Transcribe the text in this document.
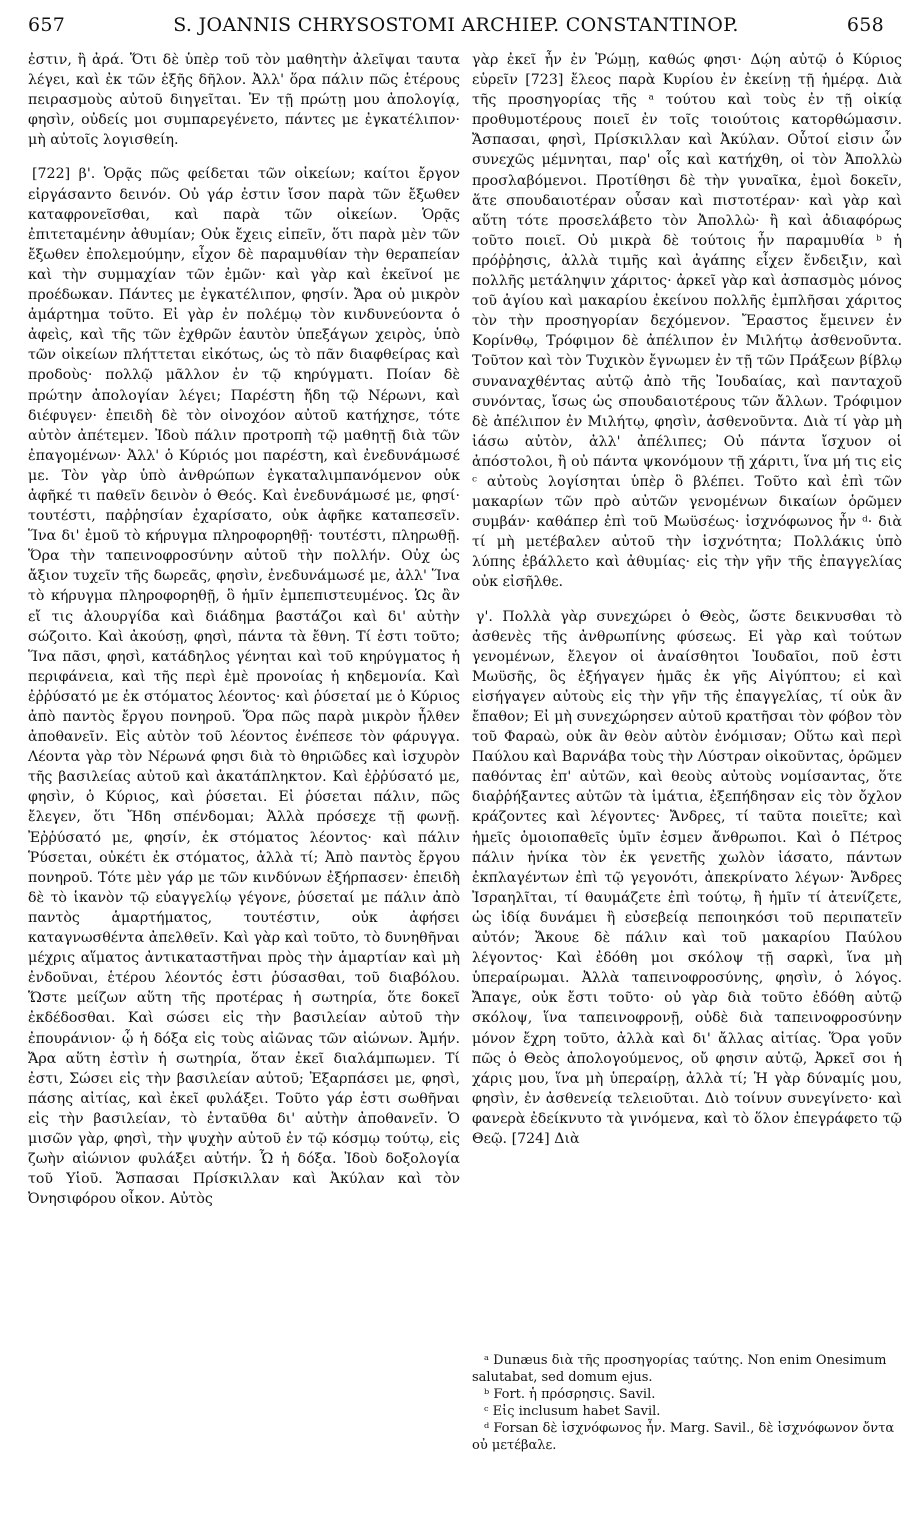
657	S. JOANNIS CHRYSOSTOMI ARCHIEP. CONSTANTINOP.	658

ἐστιν, ἢ ἀρά. Ὅτι δὲ ὑπὲρ τοῦ τὸν μαθητὴν ἀλεῖψαι ταυτα λέγει, καὶ ἐκ τῶν ἑξῆς δῆλον. Ἀλλ' ὅρα πάλιν πῶς ἑτέρους πειρασμοὺς αὐτοῦ διηγεῖται. Ἐν τῇ πρώτῃ μου ἀπολογίᾳ, φησὶν, οὐδείς μοι συμπαρεγένετο, πάντες με ἐγκατέλιπον· μὴ αὐτοῖς λογισθείη.

[722] β'. Ὁρᾷς πῶς φείδεται τῶν οἰκείων; καίτοι ἔργον εἰργάσαντο δεινόν. Οὐ γάρ ἐστιν ἴσον παρὰ τῶν ἔξωθεν καταφρονεῖσθαι, καὶ παρὰ τῶν οἰκείων. Ὁρᾷς ἐπιτεταμένην ἀθυμίαν; Οὐκ ἔχεις εἰπεῖν, ὅτι παρὰ μὲν τῶν ἔξωθεν ἐπολεμούμην, εἶχον δὲ παραμυθίαν τὴν θεραπείαν καὶ τὴν συμμαχίαν τῶν ἐμῶν· καὶ γὰρ καὶ ἐκεῖνοί με προέδωκαν. Πάντες με ἐγκατέλιπον, φησίν. Ἄρα οὐ μικρὸν ἁμάρτημα τοῦτο. Εἰ γὰρ ἐν πολέμῳ τὸν κινδυνεύοντα ὁ ἀφεὶς, καὶ τῆς τῶν ἐχθρῶν ἑαυτὸν ὑπεξάγων χειρὸς, ὑπὸ τῶν οἰκείων πλήττεται εἰκότως, ὡς τὸ πᾶν διαφθείρας καὶ προδοὺς· πολλῷ μᾶλλον ἐν τῷ κηρύγματι. Ποίαν δὲ πρώτην ἀπολογίαν λέγει; Παρέστη ἤδη τῷ Νέρωνι, καὶ διέφυγεν· ἐπειδὴ δὲ τὸν οἰνοχόον αὐτοῦ κατήχησε, τότε αὐτὸν ἀπέτεμεν. Ἰδοὺ πάλιν προτροπὴ τῷ μαθητῇ διὰ τῶν ἐπαγομένων· Ἀλλ' ὁ Κύριός μοι παρέστη, καὶ ἐνεδυνάμωσέ με. Τὸν γὰρ ὑπὸ ἀνθρώπων ἐγκαταλιμπανόμενον οὐκ ἀφῆκέ τι παθεῖν δεινὸν ὁ Θεός. Καὶ ἐνεδυνάμωσέ με, φησί· τουτέστι, παῤῥησίαν ἐχαρίσατο, οὐκ ἀφῆκε καταπεσεῖν. Ἵνα δι' ἐμοῦ τὸ κήρυγμα πληροφορηθῇ· τουτέστι, πληρωθῇ. Ὅρα τὴν ταπεινοφροσύνην αὐτοῦ τὴν πολλήν. Οὐχ ὡς ἄξιον τυχεῖν τῆς δωρεᾶς, φησὶν, ἐνεδυνάμωσέ με, ἀλλ' Ἵνα τὸ κήρυγμα πληροφορηθῇ, ὃ ἡμῖν ἐμπεπιστευμένος. Ὡς ἂν εἴ τις ἀλουργίδα καὶ διάδημα βαστάζοι καὶ δι' αὐτὴν σώζοιτο. Καὶ ἀκούσῃ, φησὶ, πάντα τὰ ἔθνη. Τί ἐστι τοῦτο; Ἵνα πᾶσι, φησὶ, κατάδηλος γένηται καὶ τοῦ κηρύγματος ἡ περιφάνεια, καὶ τῆς περὶ ἐμὲ προνοίας ἡ κηδεμονία. Καὶ ἐῤῥύσατό με ἐκ στόματος λέοντος· καὶ ῥύσεταί με ὁ Κύριος ἀπὸ παντὸς ἔργου πονηροῦ. Ὅρα πῶς παρὰ μικρὸν ἦλθεν ἀποθανεῖν. Εἰς αὐτὸν τοῦ λέοντος ἐνέπεσε τὸν φάρυγγα. Λέοντα γὰρ τὸν Νέρωνά φησι διὰ τὸ θηριῶδες καὶ ἰσχυρὸν τῆς βασιλείας αὐτοῦ καὶ ἀκατάπληκτον. Καὶ ἐῤῥύσατό με, φησὶν, ὁ Κύριος, καὶ ῥύσεται. Εἰ ῥύσεται πάλιν, πῶς ἔλεγεν, ὅτι Ἤδη σπένδομαι; Ἀλλὰ πρόσεχε τῇ φωνῇ. Ἐῤῥύσατό με, φησίν, ἐκ στόματος λέοντος· καὶ πάλιν Ῥύσεται, οὐκέτι ἐκ στόματος, ἀλλὰ τί; Ἀπὸ παντὸς ἔργου πονηροῦ. Τότε μὲν γάρ με τῶν κινδύνων ἐξήρπασεν· ἐπειδὴ δὲ τὸ ἱκανὸν τῷ εὐαγγελίῳ γέγονε, ῥύσεταί με πάλιν ἀπὸ παντὸς ἁμαρτήματος, τουτέστιν, οὐκ ἀφήσει καταγνωσθέντα ἀπελθεῖν. Καὶ γὰρ καὶ τοῦτο, τὸ δυνηθῆναι μέχρις αἵματος ἀντικαταστῆναι πρὸς τὴν ἁμαρτίαν καὶ μὴ ἐνδοῦναι, ἑτέρου λέοντός ἐστι ῥύσασθαι, τοῦ διαβόλου. Ὥστε μείζων αὕτη τῆς προτέρας ἡ σωτηρία, ὅτε δοκεῖ ἐκδέδοσθαι. Καὶ σώσει εἰς τὴν βασιλείαν αὐτοῦ τὴν ἐπουράνιον· ᾧ ἡ δόξα εἰς τοὺς αἰῶνας τῶν αἰώνων. Ἀμήν. Ἄρα αὕτη ἐστὶν ἡ σωτηρία, ὅταν ἐκεῖ διαλάμπωμεν. Τί ἐστι, Σώσει εἰς τὴν βασιλείαν αὐτοῦ; Ἐξαρπάσει με, φησὶ, πάσης αἰτίας, καὶ ἐκεῖ φυλάξει. Τοῦτο γάρ ἐστι σωθῆναι εἰς τὴν βασιλείαν, τὸ ἐνταῦθα δι' αὐτὴν ἀποθανεῖν. Ὁ μισῶν γὰρ, φησὶ, τὴν ψυχὴν αὐτοῦ ἐν τῷ κόσμῳ τούτῳ, εἰς ζωὴν αἰώνιον φυλάξει αὐτήν. Ὧ ἡ δόξα. Ἰδοὺ δοξολογία τοῦ Υἱοῦ. Ἄσπασαι Πρίσκιλλαν καὶ Ἀκύλαν καὶ τὸν Ὀνησιφόρου οἶκον. Αὐτὸς

γὰρ ἐκεῖ ἦν ἐν Ῥώμῃ, καθώς φησι· Δῴη αὐτῷ ὁ Κύριος εὑρεῖν [723] ἔλεος παρὰ Κυρίου ἐν ἐκείνῃ τῇ ἡμέρᾳ. Διὰ τῆς προσηγορίας τῆς ᵃ τούτου καὶ τοὺς ἐν τῇ οἰκίᾳ προθυμοτέρους ποιεῖ ἐν τοῖς τοιούτοις κατορθώμασιν. Ἄσπασαι, φησὶ, Πρίσκιλλαν καὶ Ἀκύλαν. Οὗτοί εἰσιν ὧν συνεχῶς μέμνηται, παρ' οἷς καὶ κατήχθη, οἱ τὸν Ἀπολλὼ προσλαβόμενοι. Προτίθησι δὲ τὴν γυναῖκα, ἐμοὶ δοκεῖν, ἅτε σπουδαιοτέραν οὖσαν καὶ πιστοτέραν· καὶ γὰρ καὶ αὕτη τότε προσελάβετο τὸν Ἀπολλὼ· ἢ καὶ ἀδιαφόρως τοῦτο ποιεῖ. Οὐ μικρὰ δὲ τούτοις ἦν παραμυθία ᵇ ἡ πρόῤῥησις, ἀλλὰ τιμῆς καὶ ἀγάπης εἶχεν ἔνδειξιν, καὶ πολλῆς μετάληψιν χάριτος· ἀρκεῖ γὰρ καὶ ἀσπασμὸς μόνος τοῦ ἁγίου καὶ μακαρίου ἐκείνου πολλῆς ἐμπλῆσαι χάριτος τὸν τὴν προσηγορίαν δεχόμενον. Ἔραστος ἔμεινεν ἐν Κορίνθῳ, Τρόφιμον δὲ ἀπέλιπον ἐν Μιλήτῳ ἀσθενοῦντα. Τοῦτον καὶ τὸν Τυχικὸν ἔγνωμεν ἐν τῇ τῶν Πράξεων βίβλῳ συναναχθέντας αὐτῷ ἀπὸ τῆς Ἰουδαίας, καὶ πανταχοῦ συνόντας, ἴσως ὡς σπουδαιοτέρους τῶν ἄλλων. Τρόφιμον δὲ ἀπέλιπον ἐν Μιλήτῳ, φησὶν, ἀσθενοῦντα. Διὰ τί γὰρ μὴ ἰάσω αὐτὸν, ἀλλ' ἀπέλιπες; Οὐ πάντα ἴσχυον οἱ ἀπόστολοι, ἢ οὐ πάντα ψκονόμουν τῇ χάριτι, ἵνα μή τις εἰς ᶜ αὐτοὺς λογίσηται ὑπὲρ ὃ βλέπει. Τοῦτο καὶ ἐπὶ τῶν μακαρίων τῶν πρὸ αὐτῶν γενομένων δικαίων ὁρῶμεν συμβάν· καθάπερ ἐπὶ τοῦ Μωϋσέως· ἰσχνόφωνος ἦν ᵈ· διὰ τί μὴ μετέβαλεν αὐτοῦ τὴν ἰσχνότητα; Πολλάκις ὑπὸ λύπης ἐβάλλετο καὶ ἀθυμίας· εἰς τὴν γῆν τῆς ἐπαγγελίας οὐκ εἰσῆλθε.

γ'. Πολλὰ γὰρ συνεχώρει ὁ Θεὸς, ὥστε δεικνυσθαι τὸ ἀσθενὲς τῆς ἀνθρωπίνης φύσεως. Εἰ γὰρ καὶ τούτων γενομένων, ἔλεγον οἱ ἀναίσθητοι Ἰουδαῖοι, ποῦ ἐστι Μωϋσῆς, ὃς ἐξήγαγεν ἡμᾶς ἐκ γῆς Αἰγύπτου; εἰ καὶ εἰσήγαγεν αὐτοὺς εἰς τὴν γῆν τῆς ἐπαγγελίας, τί οὐκ ἂν ἔπαθον; Εἰ μὴ συνεχώρησεν αὐτοῦ κρατῆσαι τὸν φόβον τὸν τοῦ Φαραὼ, οὐκ ἂν θεὸν αὐτὸν ἐνόμισαν; Οὕτω καὶ περὶ Παύλου καὶ Βαρνάβα τοὺς τὴν Λύστραν οἰκοῦντας, ὁρῶμεν παθόντας ἐπ' αὐτῶν, καὶ θεοὺς αὐτοὺς νομίσαντας, ὅτε διαῤῥήξαντες αὐτῶν τὰ ἱμάτια, ἐξεπήδησαν εἰς τὸν ὄχλον κράζοντες καὶ λέγοντες· Ἄνδρες, τί ταῦτα ποιεῖτε; καὶ ἡμεῖς ὁμοιοπαθεῖς ὑμῖν ἐσμεν ἄνθρωποι. Καὶ ὁ Πέτρος πάλιν ἡνίκα τὸν ἐκ γενετῆς χωλὸν ἰάσατο, πάντων ἐκπλαγέντων ἐπὶ τῷ γεγονότι, ἀπεκρίνατο λέγων· Ἄνδρες Ἰσραηλῖται, τί θαυμάζετε ἐπὶ τούτῳ, ἢ ἡμῖν τί ἀτενίζετε, ὡς ἰδίᾳ δυνάμει ἢ εὐσεβείᾳ πεποιηκόσι τοῦ περιπατεῖν αὐτόν; Ἄκουε δὲ πάλιν καὶ τοῦ μακαρίου Παύλου λέγοντος· Καὶ ἐδόθη μοι σκόλοψ τῇ σαρκὶ, ἵνα μὴ ὑπεραίρωμαι. Ἀλλὰ ταπεινοφροσύνης, φησὶν, ὁ λόγος. Ἄπαγε, οὐκ ἔστι τοῦτο· οὐ γὰρ διὰ τοῦτο ἐδόθη αὐτῷ σκόλοψ, ἵνα ταπεινοφρονῇ, οὐδὲ διὰ ταπεινοφροσύνην μόνον ἔχρη τοῦτο, ἀλλὰ καὶ δι' ἄλλας αἰτίας. Ὅρα γοῦν πῶς ὁ Θεὸς ἀπολογούμενος, οὔ φησιν αὐτῷ, Ἀρκεῖ σοι ἡ χάρις μου, ἵνα μὴ ὑπεραίρῃ, ἀλλὰ τί; Ἡ γὰρ δύναμίς μου, φησὶν, ἐν ἀσθενείᾳ τελειοῦται. Διὸ τοίνυν συνεγίνετο· καὶ φανερὰ ἐδείκνυτο τὰ γινόμενα, καὶ τὸ ὅλον ἐπεγράφετο τῷ Θεῷ. [724] Διὰ

ᵃ Dunæus διὰ τῆς προσηγορίας ταύτης. Non enim Onesimum salutabat, sed domum ejus.
ᵇ Fort. ἡ πρόσρησις. Savil.
ᶜ Εἰς inclusum habet Savil.
ᵈ Forsan δὲ ἰσχνόφωνος ἦν. Marg. Savil., δὲ ἰσχνόφωνον ὄντα οὐ μετέβαλε.
